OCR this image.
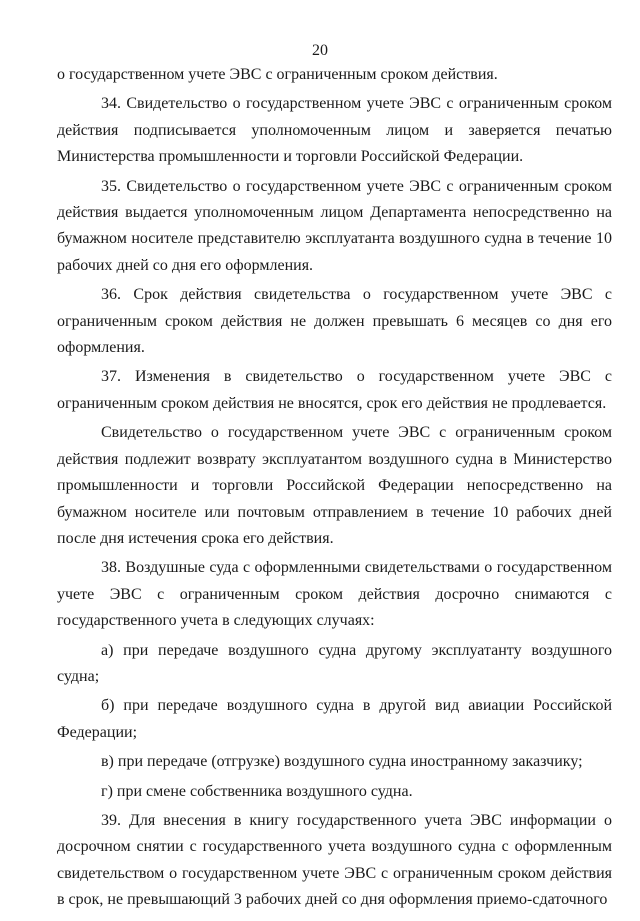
20

о государственном учете ЭВС с ограниченным сроком действия.

34. Свидетельство о государственном учете ЭВС с ограниченным сроком действия подписывается уполномоченным лицом и заверяется печатью Министерства промышленности и торговли Российской Федерации.

35. Свидетельство о государственном учете ЭВС с ограниченным сроком действия выдается уполномоченным лицом Департамента непосредственно на бумажном носителе представителю эксплуатанта воздушного судна в течение 10 рабочих дней со дня его оформления.

36. Срок действия свидетельства о государственном учете ЭВС с ограниченным сроком действия не должен превышать 6 месяцев со дня его оформления.

37. Изменения в свидетельство о государственном учете ЭВС с ограниченным сроком действия не вносятся, срок его действия не продлевается.

Свидетельство о государственном учете ЭВС с ограниченным сроком действия подлежит возврату эксплуатантом воздушного судна в Министерство промышленности и торговли Российской Федерации непосредственно на бумажном носителе или почтовым отправлением в течение 10 рабочих дней после дня истечения срока его действия.

38. Воздушные суда с оформленными свидетельствами о государственном учете ЭВС с ограниченным сроком действия досрочно снимаются с государственного учета в следующих случаях:

а) при передаче воздушного судна другому эксплуатанту воздушного судна;

б) при передаче воздушного судна в другой вид авиации Российской Федерации;

в) при передаче (отгрузке) воздушного судна иностранному заказчику;

г) при смене собственника воздушного судна.

39. Для внесения в книгу государственного учета ЭВС информации о досрочном снятии с государственного учета воздушного судна с оформленным свидетельством о государственном учете ЭВС с ограниченным сроком действия в срок, не превышающий 3 рабочих дней со дня оформления приемо-сдаточного
